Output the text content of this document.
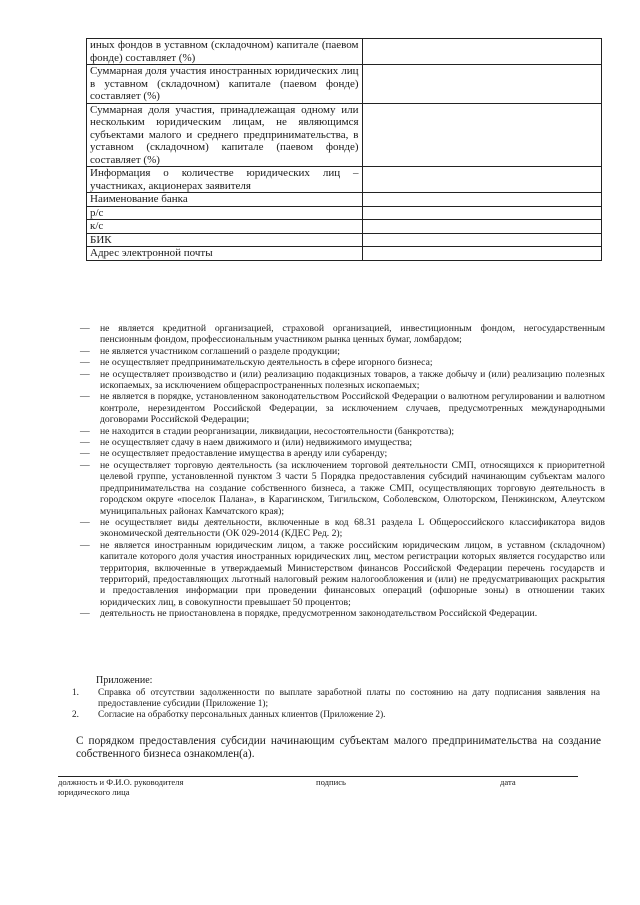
иных фондов в уставном (складочном) капитале (паевом фонде) составляет (%)	
Суммарная доля участия иностранных юридических лиц в уставном (складочном) капитале (паевом фонде) составляет (%)	
Суммарная доля участия, принадлежащая одному или нескольким юридическим лицам, не являющимся субъектами малого и среднего предпринимательства, в уставном (складочном) капитале (паевом фонде) составляет (%)	
Информация о количестве юридических лиц – участниках, акционерах заявителя	
Наименование банка	
р/с	
к/с	
БИК	
Адрес электронной почты	

— не является кредитной организацией, страховой организацией, инвестиционным фондом, негосударственным пенсионным фондом, профессиональным участником рынка ценных бумаг, ломбардом;

— не является участником соглашений о разделе продукции;

— не осуществляет предпринимательскую деятельность в сфере игорного бизнеса;

— не осуществляет производство и (или) реализацию подакцизных товаров, а также добычу и (или) реализацию полезных ископаемых, за исключением общераспространенных полезных ископаемых;

— не является в порядке, установленном законодательством Российской Федерации о валютном регулировании и валютном контроле, нерезидентом Российской Федерации, за исключением случаев, предусмотренных международными договорами Российской Федерации;

— не находится в стадии реорганизации, ликвидации, несостоятельности (банкротства);

— не осуществляет сдачу в наем движимого и (или) недвижимого имущества;

— не осуществляет предоставление имущества в аренду или субаренду;

— не осуществляет торговую деятельность (за исключением торговой деятельности СМП, относящихся к приоритетной целевой группе, установленной пунктом 3 части 5 Порядка предоставления субсидий начинающим субъектам малого предпринимательства на создание собственного бизнеса, а также СМП, осуществляющих торговую деятельность в городском округе «поселок Палана», в Карагинском, Тигильском, Соболевском, Олюторском, Пенжинском, Алеутском муниципальных районах Камчатского края);

— не осуществляет виды деятельности, включенные в код 68.31 раздела L Общероссийского классификатора видов экономической деятельности (ОК 029-2014 (КДЕС Ред. 2);

— не является иностранным юридическим лицом, а также российским юридическим лицом, в уставном (складочном) капитале которого доля участия иностранных юридических лиц, местом регистрации которых является государство или территория, включенные в утверждаемый Министерством финансов Российской Федерации перечень государств и территорий, предоставляющих льготный налоговый режим налогообложения и (или) не предусматривающих раскрытия и предоставления информации при проведении финансовых операций (офшорные зоны) в отношении таких юридических лиц, в совокупности превышает 50 процентов;

— деятельность не приостановлена в порядке, предусмотренном законодательством Российской Федерации.

Приложение:
1. Справка об отсутствии задолженности по выплате заработной платы по состоянию на дату подписания заявления на предоставление субсидии (Приложение 1);
2. Согласие на обработку персональных данных клиентов (Приложение 2).
С порядком предоставления субсидии начинающим субъектам малого предпринимательства на создание собственного бизнеса ознакомлен(а).
должность и Ф.И.О. руководителя юридического лица
подпись	дата
